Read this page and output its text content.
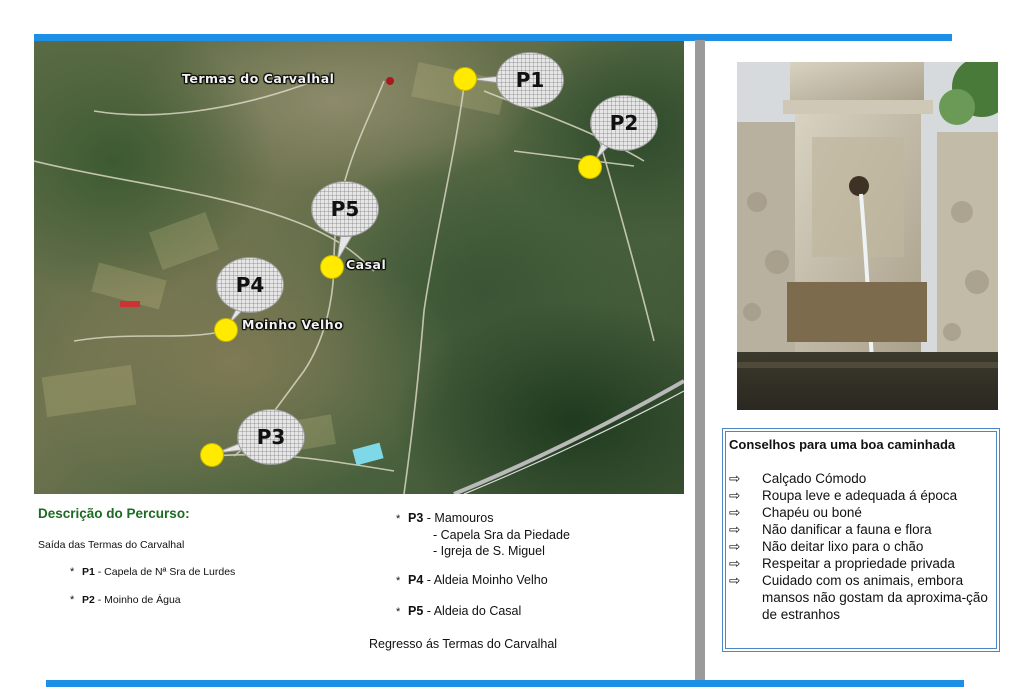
Termas do Carvalhal
Casal
Moinho Velho
P1
P2
P5
P4
P3
Descrição do Percurso:
Saída das Termas do Carvalhal
* P1 - Capela de Nª Sra de Lurdes
* P2 - Moinho de Água
* P3 - Mamouros
- Capela Sra da Piedade
- Igreja de S. Miguel
* P4 - Aldeia Moinho Velho
* P5 - Aldeia do Casal
Regresso ás Termas do Carvalhal
Conselhos para uma boa caminhada
⇨	Calçado Cómodo
⇨	Roupa leve e adequada á época
⇨	Chapéu ou boné
⇨	Não danificar a fauna e flora
⇨	Não deitar lixo para o chão
⇨	Respeitar a propriedade privada
⇨	Cuidado com os animais, embora mansos não gostam da aproxima-ção de estranhos
